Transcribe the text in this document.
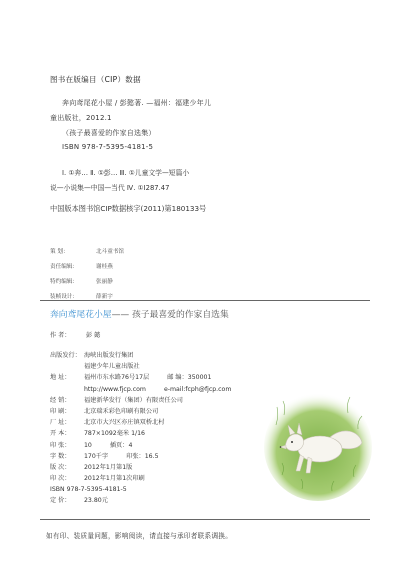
图书在版编目（CIP）数据
奔向鸢尾花小屋 / 彭懿著. —福州：福建少年儿
童出版社，2012.1
（孩子最喜爱的作家自选集）
ISBN 978-7-5395-4181-5
Ⅰ. ①奔… Ⅱ. ①彭… Ⅲ. ①儿童文学—短篇小
说—小说集—中国—当代 Ⅳ. ①I287.47
中国版本图书馆CIP数据核字(2011)第180133号
策 划：	北斗童书馆
责任编辑：	谢桂燕
特约编辑：	张丽静
装帧设计：	薛新宇
奔向鸢尾花小屋—— 孩子最喜爱的作家自选集
作 者： 彭 懿
出版发行： 海峡出版发行集团
福建少年儿童出版社
地 址：	福州市东水路76号17层	邮 编： 350001
http://www.fjcp.com	e-mail:fcph@fjcp.com
经 销：	福建新华发行（集团）有限责任公司
印 刷：	北京瑞禾彩色印刷有限公司
厂 址：	北京市大兴区亦庄镇双桥北村
开 本：	787×1092毫米 1/16
印 张：	10	插页： 4
字 数：	170千字	印张： 16.5
版 次：	2012年1月第1版
印 次：	2012年1月第1次印刷
ISBN 978-7-5395-4181-5
定 价：	23.80元
如有印、装质量问题，影响阅读，请直接与承印者联系调换。
